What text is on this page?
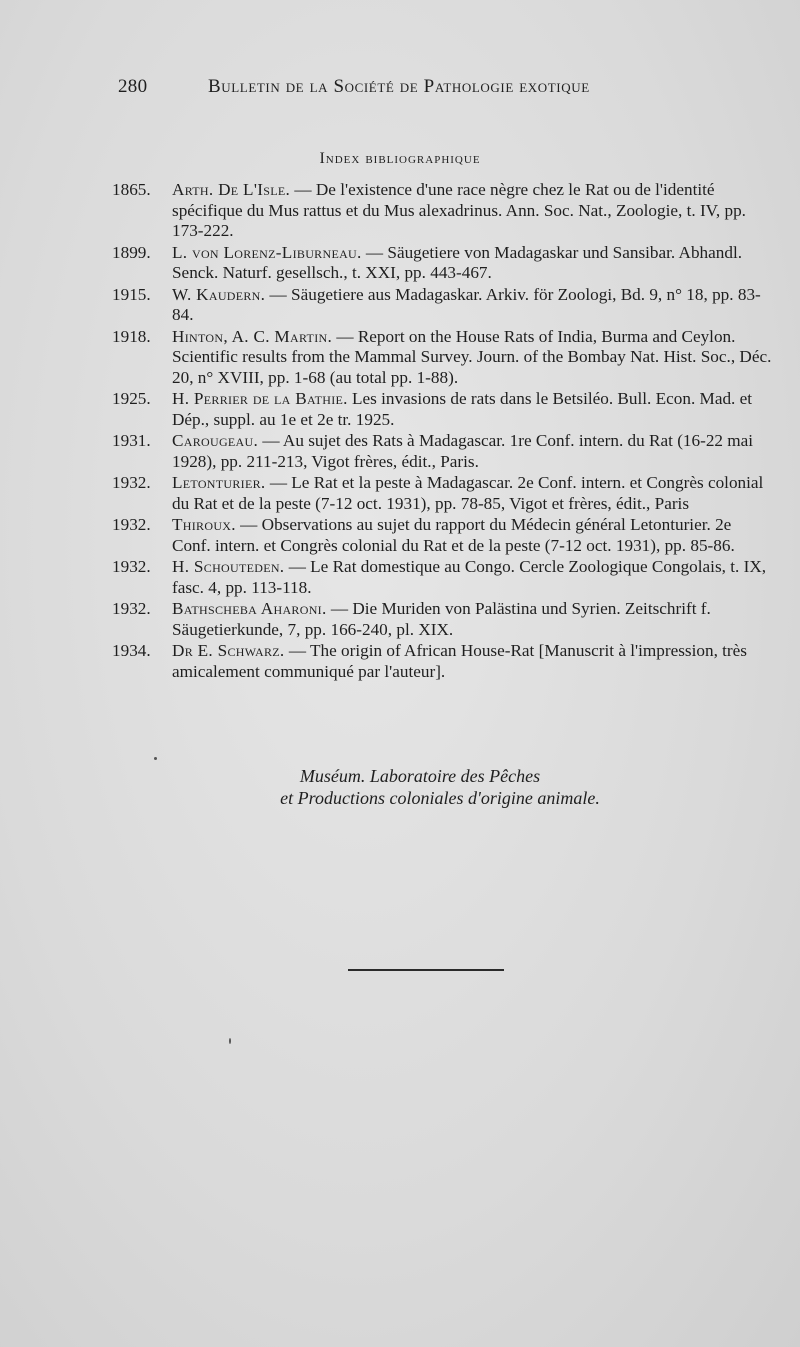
280	Bulletin de la Société de Pathologie exotique
Index bibliographique
1865.	Arth. De L'Isle. — De l'existence d'une race nègre chez le Rat ou de l'identité spécifique du Mus rattus et du Mus alexadrinus. Ann. Soc. Nat., Zoologie, t. IV, pp. 173-222.
1899.	L. von Lorenz-Liburneau. — Säugetiere von Madagaskar und Sansibar. Abhandl. Senck. Naturf. gesellsch., t. XXI, pp. 443-467.
1915.	W. Kaudern. — Säugetiere aus Madagaskar. Arkiv. för Zoologi, Bd. 9, n° 18, pp. 83-84.
1918.	Hinton, A. C. Martin. — Report on the House Rats of India, Burma and Ceylon. Scientific results from the Mammal Survey. Journ. of the Bombay Nat. Hist. Soc., Déc. 20, n° XVIII, pp. 1-68 (au total pp. 1-88).
1925.	H. Perrier de la Bathie. Les invasions de rats dans le Betsiléo. Bull. Econ. Mad. et Dép., suppl. au 1e et 2e tr. 1925.
1931.	Carougeau. — Au sujet des Rats à Madagascar. 1re Conf. intern. du Rat (16-22 mai 1928), pp. 211-213, Vigot frères, édit., Paris.
1932.	Letonturier. — Le Rat et la peste à Madagascar. 2e Conf. intern. et Congrès colonial du Rat et de la peste (7-12 oct. 1931), pp. 78-85, Vigot et frères, édit., Paris
1932.	Thiroux. — Observations au sujet du rapport du Médecin général Letonturier. 2e Conf. intern. et Congrès colonial du Rat et de la peste (7-12 oct. 1931), pp. 85-86.
1932.	H. Schouteden. — Le Rat domestique au Congo. Cercle Zoologique Congolais, t. IX, fasc. 4, pp. 113-118.
1932.	Bathscheba Aharoni. — Die Muriden von Palästina und Syrien. Zeitschrift f. Säugetierkunde, 7, pp. 166-240, pl. XIX.
1934.	Dr E. Schwarz. — The origin of African House-Rat [Manuscrit à l'impression, très amicalement communiqué par l'auteur].
Muséum. Laboratoire des Pêches
et Productions coloniales d'origine animale.
